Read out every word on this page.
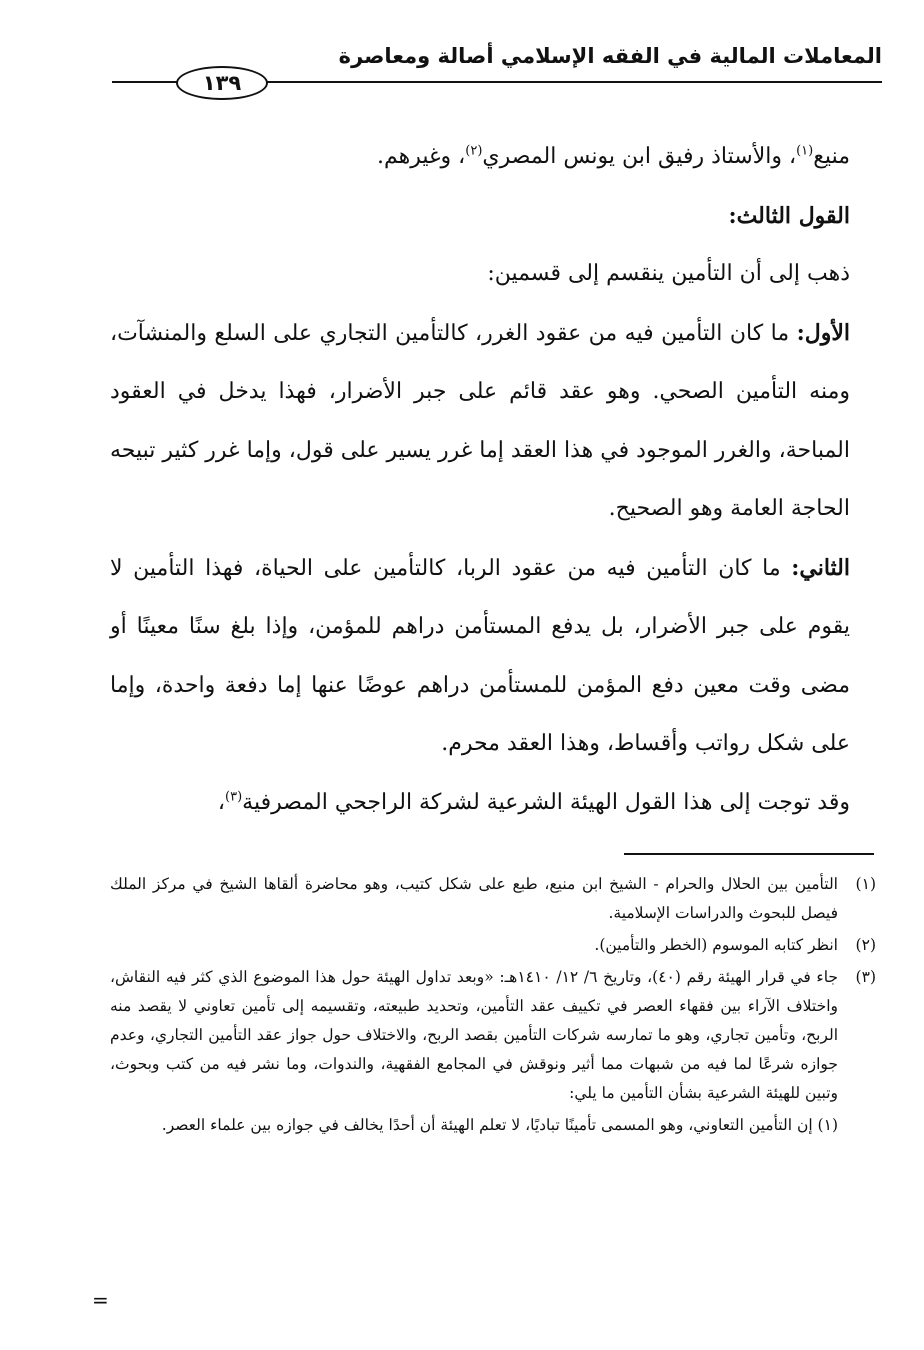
المعاملات المالية في الفقه الإسلامي أصالة ومعاصرة
١٣٩

منيع$^{(١)}$، والأستاذ رفيق ابن يونس المصري$^{(٢)}$، وغيرهم.

القول الثالث:

ذهب إلى أن التأمين ينقسم إلى قسمين:

الأول: ما كان التأمين فيه من عقود الغرر، كالتأمين التجاري على السلع والمنشآت، ومنه التأمين الصحي. وهو عقد قائم على جبر الأضرار، فهذا يدخل في العقود المباحة، والغرر الموجود في هذا العقد إما غرر يسير على قول، وإما غرر كثير تبيحه الحاجة العامة وهو الصحيح.

الثاني: ما كان التأمين فيه من عقود الربا، كالتأمين على الحياة، فهذا التأمين لا يقوم على جبر الأضرار، بل يدفع المستأمن دراهم للمؤمن، وإذا بلغ سنًا معينًا أو مضى وقت معين دفع المؤمن للمستأمن دراهم عوضًا عنها إما دفعة واحدة، وإما على شكل رواتب وأقساط، وهذا العقد محرم.

وقد توجت إلى هذا القول الهيئة الشرعية لشركة الراجحي المصرفية$^{(٣)}$،

(١)
التأمين بين الحلال والحرام - الشيخ ابن منيع، طبع على شكل كتيب، وهو محاضرة ألقاها الشيخ في مركز الملك فيصل للبحوث والدراسات الإسلامية.
(٢)
انظر كتابه الموسوم (الخطر والتأمين).
(٣)
جاء في قرار الهيئة رقم (٤٠)، وتاريخ ٦/ ١٢/ ١٤١٠هـ: «وبعد تداول الهيئة حول هذا الموضوع الذي كثر فيه النقاش، واختلاف الآراء بين فقهاء العصر في تكييف عقد التأمين، وتحديد طبيعته، وتقسيمه إلى تأمين تعاوني لا يقصد منه الربح، وتأمين تجاري، وهو ما تمارسه شركات التأمين بقصد الربح، والاختلاف حول جواز عقد التأمين التجاري، وعدم جوازه شرعًا لما فيه من شبهات مما أثير ونوقش في المجامع الفقهية، والندوات، وما نشر فيه من كتب وبحوث، وتبين للهيئة الشرعية بشأن التأمين ما يلي:
(١) إن التأمين التعاوني، وهو المسمى تأمينًا تباديًا، لا تعلم الهيئة أن أحدًا يخالف في جوازه بين علماء العصر.
=
